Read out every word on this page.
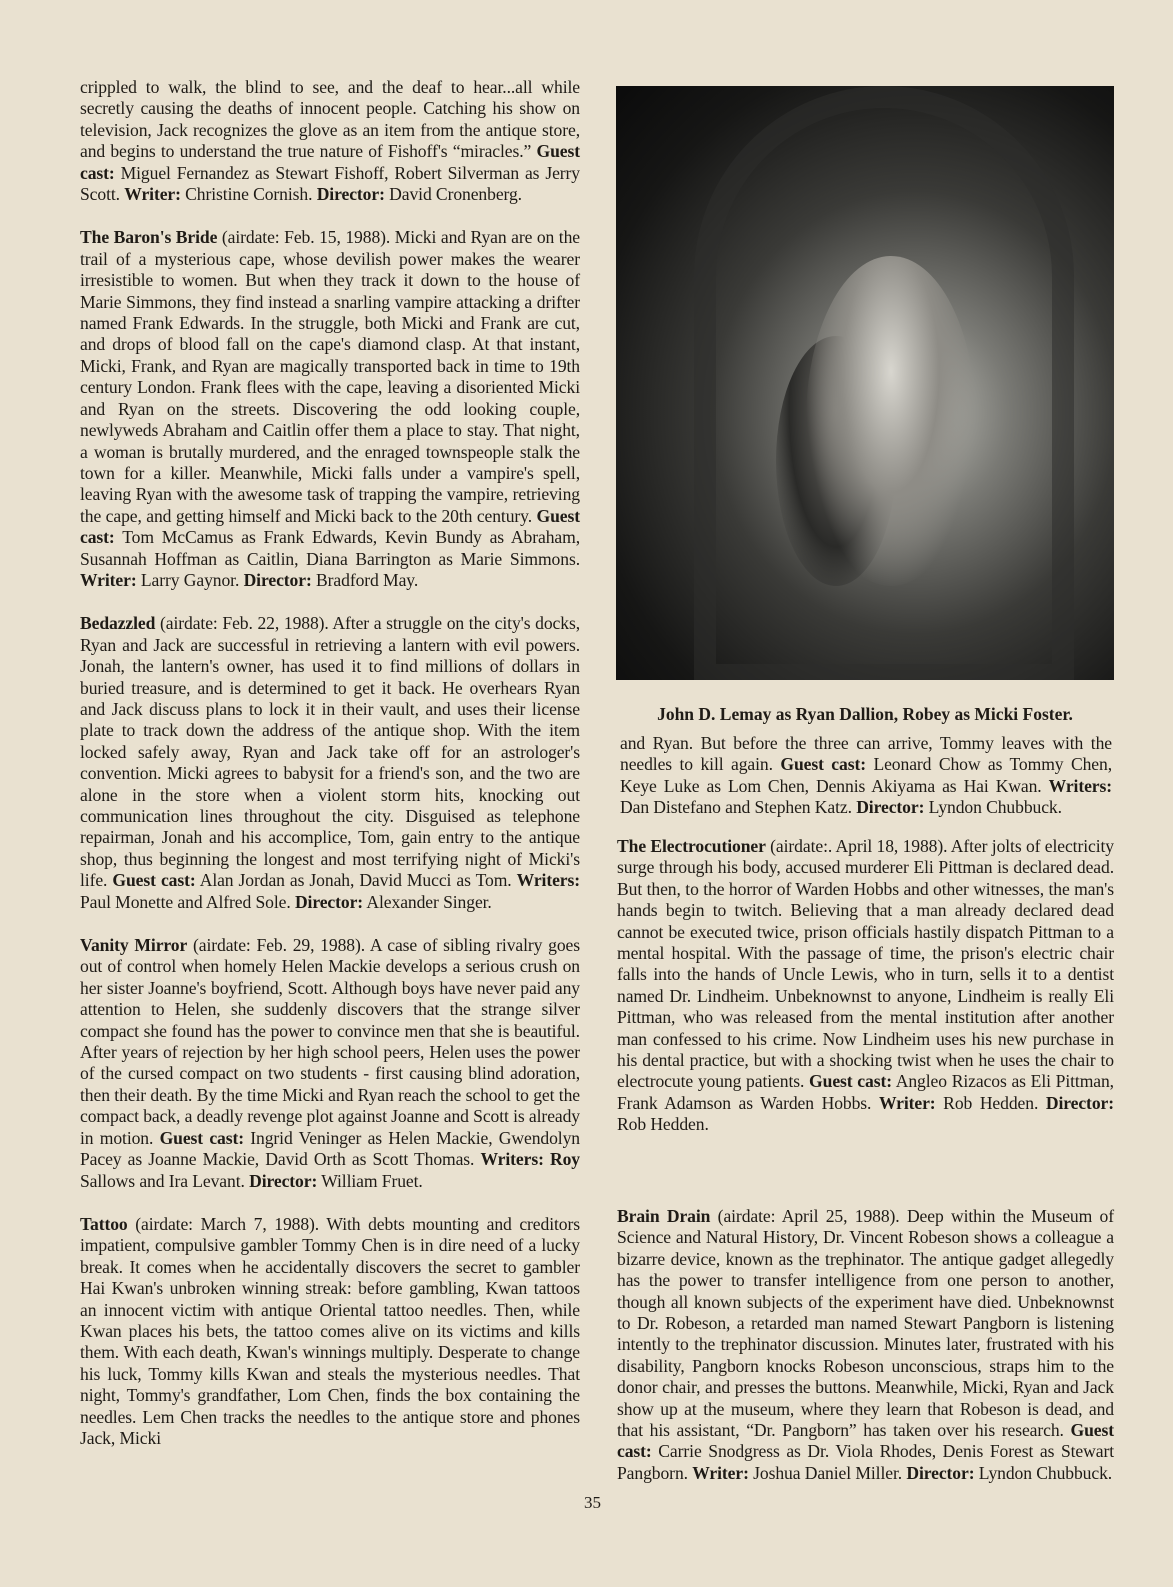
crippled to walk, the blind to see, and the deaf to hear...all while secretly causing the deaths of innocent people. Catching his show on television, Jack recognizes the glove as an item from the antique store, and begins to understand the true nature of Fishoff's “miracles.” Guest cast: Miguel Fernandez as Stewart Fishoff, Robert Silverman as Jerry Scott. Writer: Christine Cornish. Director: David Cronenberg.

The Baron's Bride (airdate: Feb. 15, 1988). Micki and Ryan are on the trail of a mysterious cape, whose devilish power makes the wearer irresistible to women. But when they track it down to the house of Marie Simmons, they find instead a snarling vampire attacking a drifter named Frank Edwards. In the struggle, both Micki and Frank are cut, and drops of blood fall on the cape's diamond clasp. At that instant, Micki, Frank, and Ryan are magically transported back in time to 19th century London. Frank flees with the cape, leaving a disoriented Micki and Ryan on the streets. Discovering the odd looking couple, newlyweds Abraham and Caitlin offer them a place to stay. That night, a woman is brutally murdered, and the enraged townspeople stalk the town for a killer. Meanwhile, Micki falls under a vampire's spell, leaving Ryan with the awesome task of trapping the vampire, retrieving the cape, and getting himself and Micki back to the 20th century. Guest cast: Tom McCamus as Frank Edwards, Kevin Bundy as Abraham, Susannah Hoffman as Caitlin, Diana Barrington as Marie Simmons. Writer: Larry Gaynor. Director: Bradford May.

Bedazzled (airdate: Feb. 22, 1988). After a struggle on the city's docks, Ryan and Jack are successful in retrieving a lantern with evil powers. Jonah, the lantern's owner, has used it to find millions of dollars in buried treasure, and is determined to get it back. He overhears Ryan and Jack discuss plans to lock it in their vault, and uses their license plate to track down the address of the antique shop. With the item locked safely away, Ryan and Jack take off for an astrologer's convention. Micki agrees to babysit for a friend's son, and the two are alone in the store when a violent storm hits, knocking out communication lines throughout the city. Disguised as telephone repairman, Jonah and his accomplice, Tom, gain entry to the antique shop, thus beginning the longest and most terrifying night of Micki's life. Guest cast: Alan Jordan as Jonah, David Mucci as Tom. Writers: Paul Monette and Alfred Sole. Director: Alexander Singer.

Vanity Mirror (airdate: Feb. 29, 1988). A case of sibling rivalry goes out of control when homely Helen Mackie develops a serious crush on her sister Joanne's boyfriend, Scott. Although boys have never paid any attention to Helen, she suddenly discovers that the strange silver compact she found has the power to convince men that she is beautiful. After years of rejection by her high school peers, Helen uses the power of the cursed compact on two students - first causing blind adoration, then their death. By the time Micki and Ryan reach the school to get the compact back, a deadly revenge plot against Joanne and Scott is already in motion. Guest cast: Ingrid Veninger as Helen Mackie, Gwendolyn Pacey as Joanne Mackie, David Orth as Scott Thomas. Writers: Roy Sallows and Ira Levant. Director: William Fruet.

Tattoo (airdate: March 7, 1988). With debts mounting and creditors impatient, compulsive gambler Tommy Chen is in dire need of a lucky break. It comes when he accidentally discovers the secret to gambler Hai Kwan's unbroken winning streak: before gambling, Kwan tattoos an innocent victim with antique Oriental tattoo needles. Then, while Kwan places his bets, the tattoo comes alive on its victims and kills them. With each death, Kwan's winnings multiply. Desperate to change his luck, Tommy kills Kwan and steals the mysterious needles. That night, Tommy's grandfather, Lom Chen, finds the box containing the needles. Lem Chen tracks the needles to the antique store and phones Jack, Micki

35
John D. Lemay as Ryan Dallion, Robey as Micki Foster.

and Ryan. But before the three can arrive, Tommy leaves with the needles to kill again. Guest cast: Leonard Chow as Tommy Chen, Keye Luke as Lom Chen, Dennis Akiyama as Hai Kwan. Writers: Dan Distefano and Stephen Katz. Director: Lyndon Chubbuck.

The Electrocutioner (airdate:. April 18, 1988). After jolts of electricity surge through his body, accused murderer Eli Pittman is declared dead. But then, to the horror of Warden Hobbs and other witnesses, the man's hands begin to twitch. Believing that a man already declared dead cannot be executed twice, prison officials hastily dispatch Pittman to a mental hospital. With the passage of time, the prison's electric chair falls into the hands of Uncle Lewis, who in turn, sells it to a dentist named Dr. Lindheim. Unbeknownst to anyone, Lindheim is really Eli Pittman, who was released from the mental institution after another man confessed to his crime. Now Lindheim uses his new purchase in his dental practice, but with a shocking twist when he uses the chair to electrocute young patients. Guest cast: Angleo Rizacos as Eli Pittman, Frank Adamson as Warden Hobbs. Writer: Rob Hedden. Director: Rob Hedden.

Brain Drain (airdate: April 25, 1988). Deep within the Museum of Science and Natural History, Dr. Vincent Robeson shows a colleague a bizarre device, known as the trephinator. The antique gadget allegedly has the power to transfer intelligence from one person to another, though all known subjects of the experiment have died. Unbeknownst to Dr. Robeson, a retarded man named Stewart Pangborn is listening intently to the trephinator discussion. Minutes later, frustrated with his disability, Pangborn knocks Robeson unconscious, straps him to the donor chair, and presses the buttons. Meanwhile, Micki, Ryan and Jack show up at the museum, where they learn that Robeson is dead, and that his assistant, “Dr. Pangborn” has taken over his research. Guest cast: Carrie Snodgress as Dr. Viola Rhodes, Denis Forest as Stewart Pangborn. Writer: Joshua Daniel Miller. Director: Lyndon Chubbuck.
